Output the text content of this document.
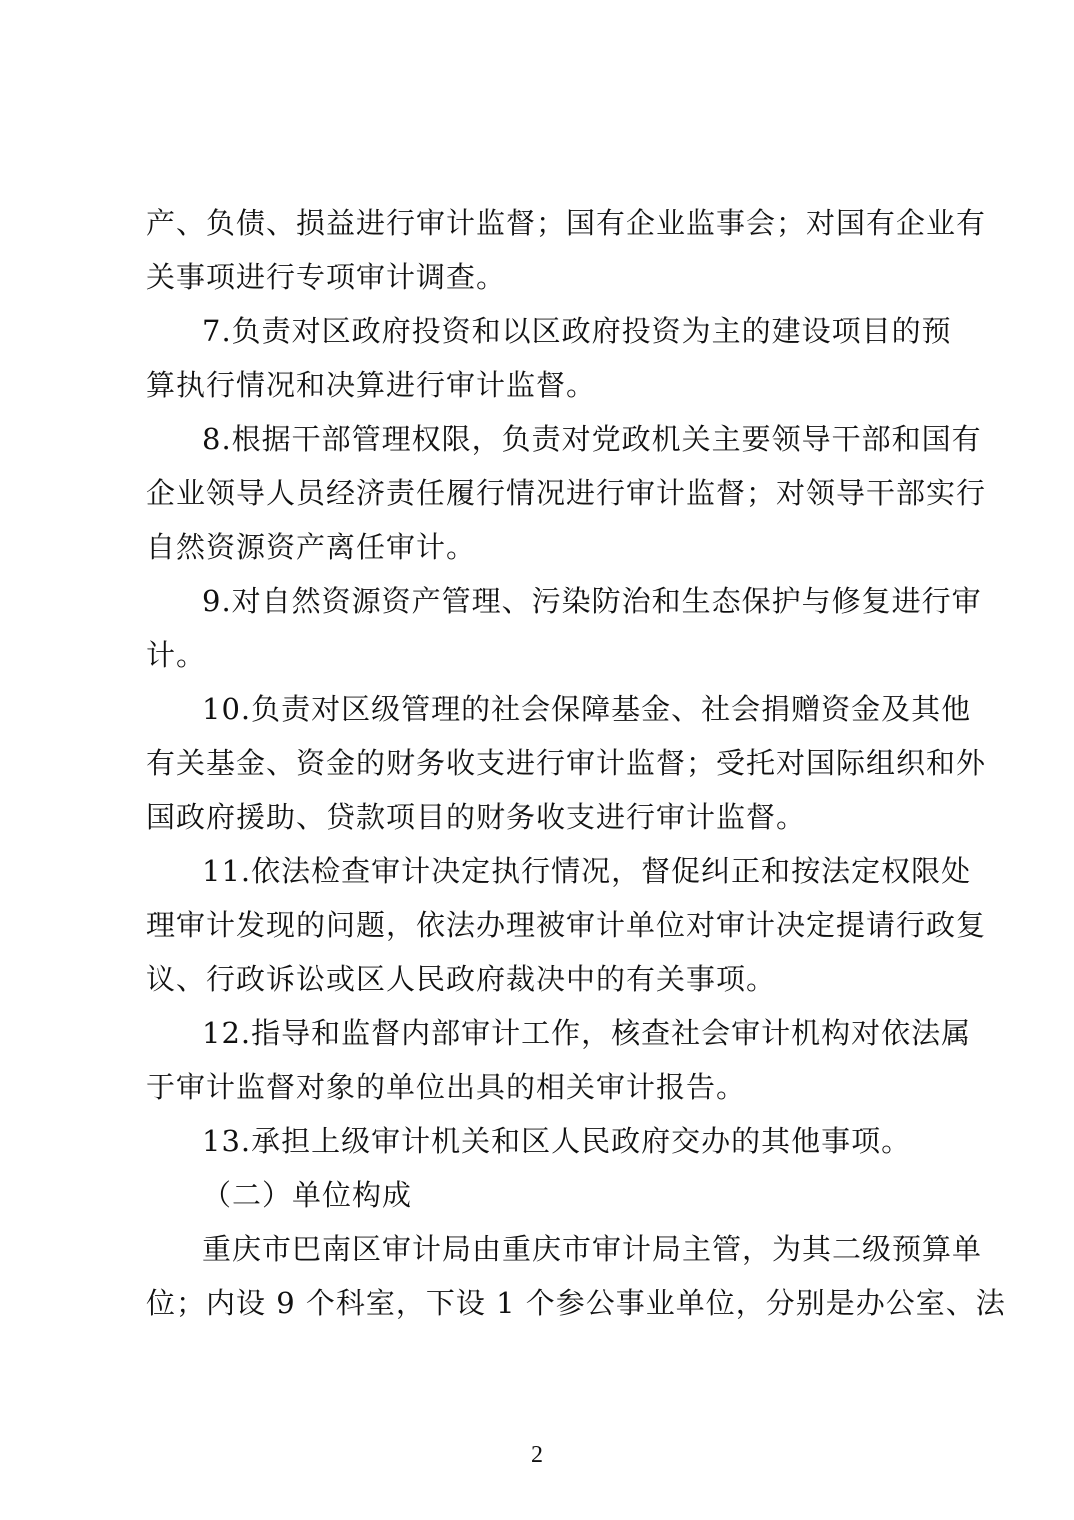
产、负债、损益进行审计监督；国有企业监事会；对国有企业有
关事项进行专项审计调查。
7.负责对区政府投资和以区政府投资为主的建设项目的预
算执行情况和决算进行审计监督。
8.根据干部管理权限，负责对党政机关主要领导干部和国有
企业领导人员经济责任履行情况进行审计监督；对领导干部实行
自然资源资产离任审计。
9.对自然资源资产管理、污染防治和生态保护与修复进行审
计。
10.负责对区级管理的社会保障基金、社会捐赠资金及其他
有关基金、资金的财务收支进行审计监督；受托对国际组织和外
国政府援助、贷款项目的财务收支进行审计监督。
11.依法检查审计决定执行情况，督促纠正和按法定权限处
理审计发现的问题，依法办理被审计单位对审计决定提请行政复
议、行政诉讼或区人民政府裁决中的有关事项。
12.指导和监督内部审计工作，核查社会审计机构对依法属
于审计监督对象的单位出具的相关审计报告。
13.承担上级审计机关和区人民政府交办的其他事项。
（二）单位构成
重庆市巴南区审计局由重庆市审计局主管，为其二级预算单
位；内设 9 个科室，下设 1 个参公事业单位，分别是办公室、法
2
